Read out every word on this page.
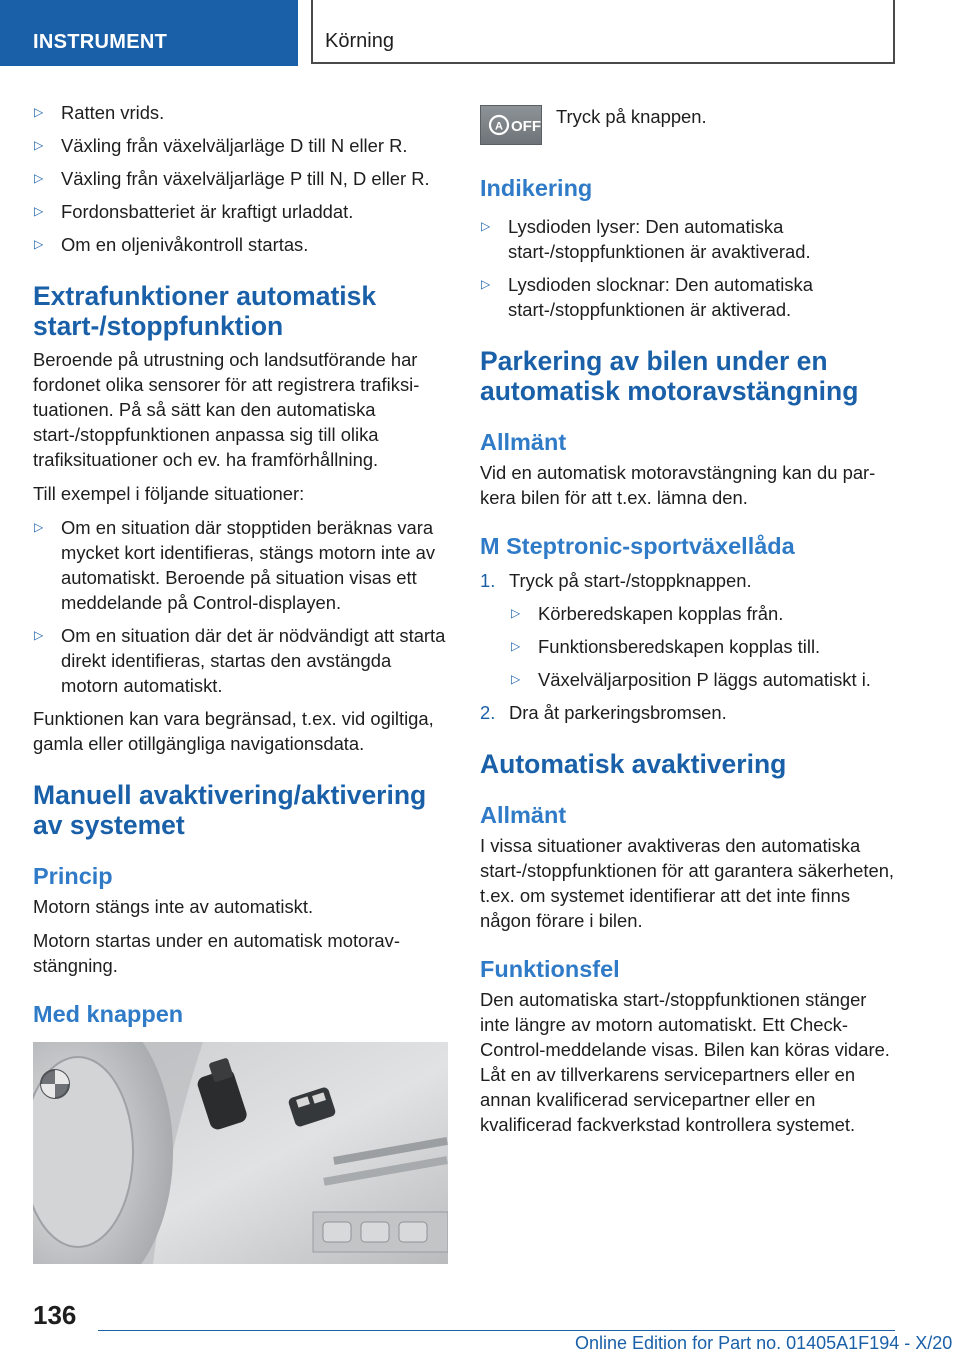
INSTRUMENT	Körning
▷ Ratten vrids.
▷ Växling från växelväljarläge D till N eller R.
▷ Växling från växelväljarläge P till N, D eller R.
▷ Fordonsbatteriet är kraftigt urladdat.
▷ Om en oljenivåkontroll startas.
Extrafunktioner automatisk start-/stoppfunktion

Beroende på utrustning och landsutförande har fordonet olika sensorer för att registrera trafiksituationen. På så sätt kan den automatiska start-/stoppfunktionen anpassa sig till olika trafiksituationer och ev. ha framförhållning.

Till exempel i följande situationer:

▷ Om en situation där stopptiden beräknas vara mycket kort identifieras, stängs motorn inte av automatiskt. Beroende på situation visas ett meddelande på Control-displayen.
▷ Om en situation där det är nödvändigt att starta direkt identifieras, startas den avstängda motorn automatiskt.

Funktionen kan vara begränsad, t.ex. vid ogiltiga, gamla eller otillgängliga navigationsdata.

Manuell avaktivering/aktivering av systemet
Princip

Motorn stängs inte av automatiskt.

Motorn startas under en automatisk motoravstängning.

Med knappen
A OFF Tryck på knappen.
Indikering
▷ Lysdioden lyser: Den automatiska start-/stoppfunktionen är avaktiverad.
▷ Lysdioden slocknar: Den automatiska start-/stoppfunktionen är aktiverad.
Parkering av bilen under en automatisk motoravstängning
Allmänt

Vid en automatisk motoravstängning kan du parkera bilen för att t.ex. lämna den.

M Steptronic-sportväxellåda
1. Tryck på start-/stoppknappen.
▷ Körberedskapen kopplas från.
▷ Funktionsberedskapen kopplas till.
▷ Växelväljarposition P läggs automatiskt i.
2. Dra åt parkeringsbromsen.
Automatisk avaktivering
Allmänt

I vissa situationer avaktiveras den automatiska start-/stoppfunktionen för att garantera säkerheten, t.ex. om systemet identifierar att det inte finns någon förare i bilen.

Funktionsfel

Den automatiska start-/stoppfunktionen stänger inte längre av motorn automatiskt. Ett Check-Control-meddelande visas. Bilen kan köras vidare. Låt en av tillverkarens servicepartners eller en annan kvalificerad servicepartner eller en kvalificerad fackverkstad kontrollera systemet.

136
Online Edition for Part no. 01405A1F194 - X/20
